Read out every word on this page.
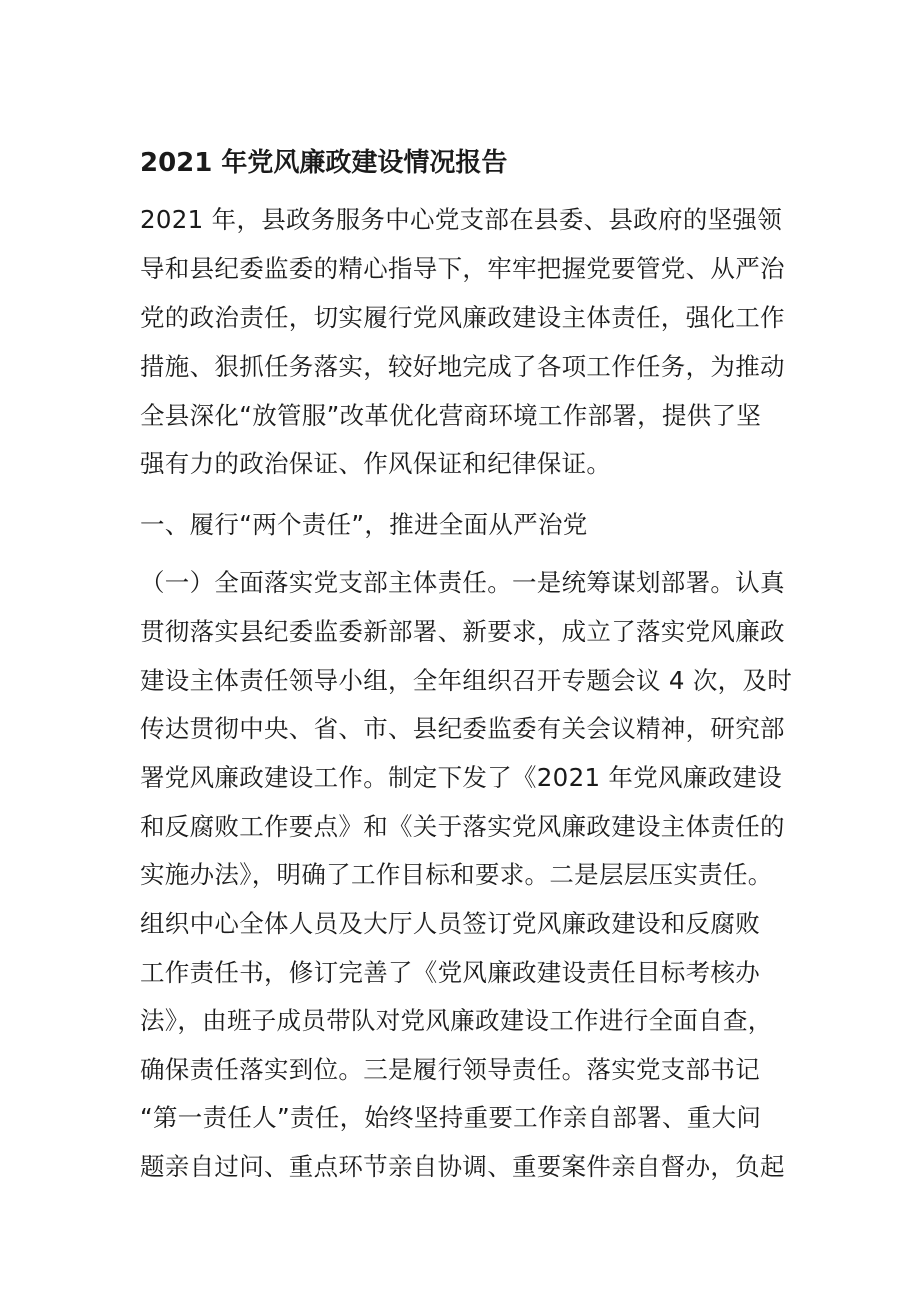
2021 年党风廉政建设情况报告
2021 年，县政务服务中心党支部在县委、县政府的坚强领
导和县纪委监委的精心指导下，牢牢把握党要管党、从严治
党的政治责任，切实履行党风廉政建设主体责任，强化工作
措施、狠抓任务落实，较好地完成了各项工作任务，为推动
全县深化“放管服”改革优化营商环境工作部署，提供了坚
强有力的政治保证、作风保证和纪律保证。
一、履行“两个责任”，推进全面从严治党
（一）全面落实党支部主体责任。一是统筹谋划部署。认真
贯彻落实县纪委监委新部署、新要求，成立了落实党风廉政
建设主体责任领导小组，全年组织召开专题会议 4 次，及时
传达贯彻中央、省、市、县纪委监委有关会议精神，研究部
署党风廉政建设工作。制定下发了《2021 年党风廉政建设
和反腐败工作要点》和《关于落实党风廉政建设主体责任的
实施办法》，明确了工作目标和要求。二是层层压实责任。
组织中心全体人员及大厅人员签订党风廉政建设和反腐败
工作责任书，修订完善了《党风廉政建设责任目标考核办
法》，由班子成员带队对党风廉政建设工作进行全面自查，
确保责任落实到位。三是履行领导责任。落实党支部书记
“第一责任人”责任，始终坚持重要工作亲自部署、重大问
题亲自过问、重点环节亲自协调、重要案件亲自督办，负起
